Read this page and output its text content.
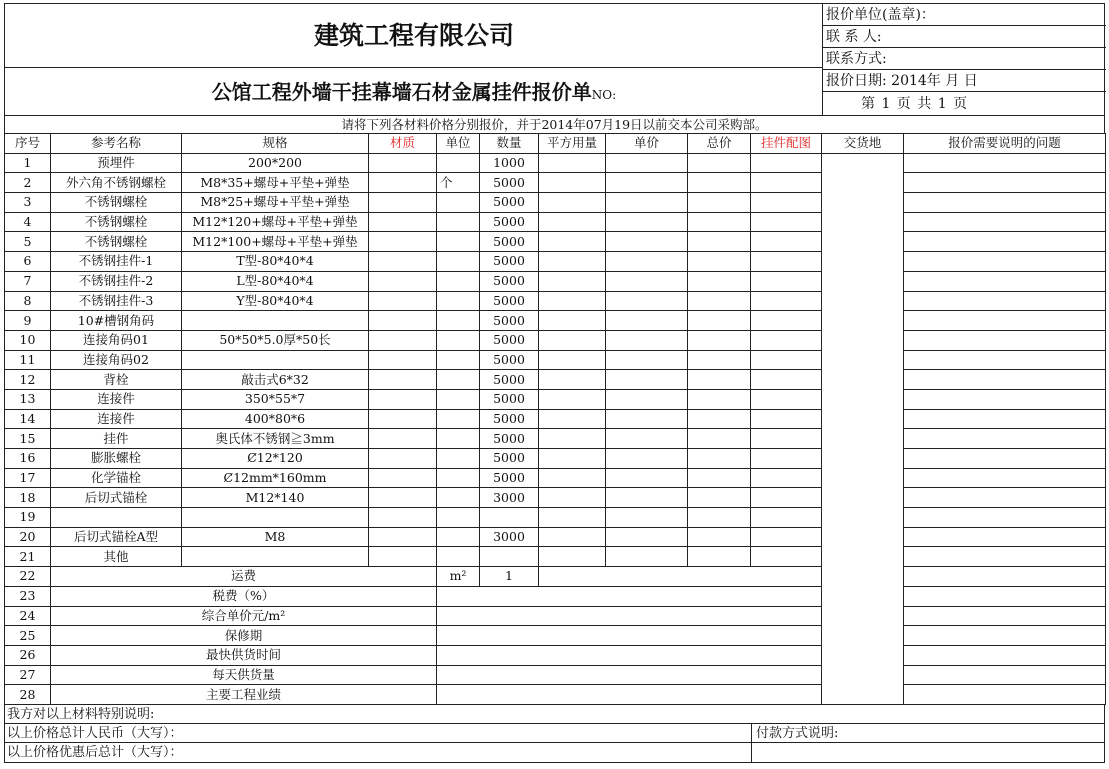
建筑工程有限公司
公馆工程外墙干挂幕墙石材金属挂件报价单NO:
报价单位(盖章)：
联 系 人:
联系方式:
报价日期: 2014年 月 日
第 1 页 共 1 页
请将下列各材料价格分别报价，并于2014年07月19日以前交本公司采购部。
序号	参考名称	规格	材质	单位	数量	平方用量	单价	总价	挂件配图	交货地	报价需要说明的问题
1	预埋件	200*200			1000						
2	外六角不锈钢螺栓	M8*35+螺母+平垫+弹垫		个	5000						
3	不锈钢螺栓	M8*25+螺母+平垫+弹垫			5000						
4	不锈钢螺栓	M12*120+螺母+平垫+弹垫			5000						
5	不锈钢螺栓	M12*100+螺母+平垫+弹垫			5000						
6	不锈钢挂件-1	T型-80*40*4			5000						
7	不锈钢挂件-2	L型-80*40*4			5000						
8	不锈钢挂件-3	Y型-80*40*4			5000						
9	10#槽钢角码				5000						
10	连接角码01	50*50*5.0厚*50长			5000						
11	连接角码02				5000						
12	背栓	敲击式6*32			5000						
13	连接件	350*55*7			5000						
14	连接件	400*80*6			5000						
15	挂件	奥氏体不锈钢≧3mm			5000						
16	膨胀螺栓	Ȼ12*120			5000						
17	化学锚栓	Ȼ12mm*160mm			5000						
18	后切式锚栓	M12*140			3000						
19											
20	后切式锚栓A型	M8			3000						
21	其他										
22	运费			m²	1						
23	税费（%）										
24	综合单价元/m²										
25	保修期										
26	最快供货时间										
27	每天供货量										
28	主要工程业绩										
我方对以上材料特别说明:
以上价格总计人民币（大写）：	付款方式说明:
以上价格优惠后总计（大写）：
